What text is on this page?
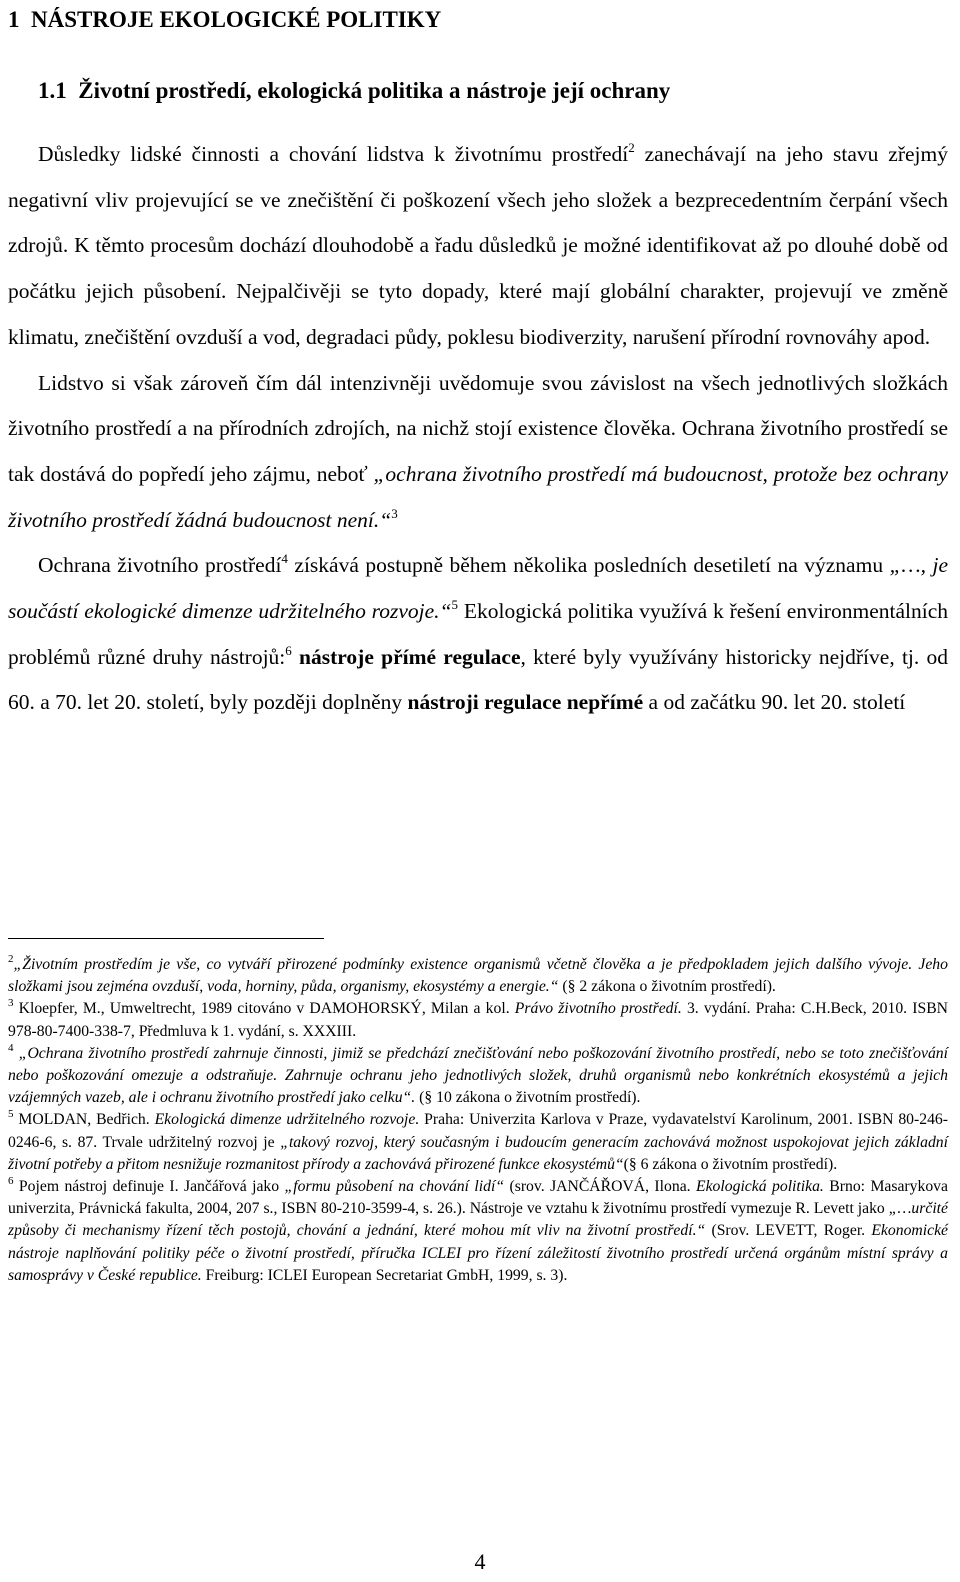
1  NÁSTROJE EKOLOGICKÉ POLITIKY
1.1  Životní prostředí, ekologická politika a nástroje její ochrany

Důsledky lidské činnosti a chování lidstva k životnímu prostředí$^2$ zanechávají na jeho stavu zřejmý negativní vliv projevující se ve znečištění či poškození všech jeho složek a bezprecedentním čerpání všech zdrojů. K těmto procesům dochází dlouhodobě a řadu důsledků je možné identifikovat až po dlouhé době od počátku jejich působení. Nejpalčivěji se tyto dopady, které mají globální charakter, projevují ve změně klimatu, znečištění ovzduší a vod, degradaci půdy, poklesu biodiverzity, narušení přírodní rovnováhy apod.

Lidstvo si však zároveň čím dál intenzivněji uvědomuje svou závislost na všech jednotlivých složkách životního prostředí a na přírodních zdrojích, na nichž stojí existence člověka. Ochrana životního prostředí se tak dostává do popředí jeho zájmu, neboť „ochrana životního prostředí má budoucnost, protože bez ochrany životního prostředí žádná budoucnost není.“$^3$

Ochrana životního prostředí$^4$ získává postupně během několika posledních desetiletí na významu „…, je součástí ekologické dimenze udržitelného rozvoje.“$^5$ Ekologická politika využívá k řešení environmentálních problémů různé druhy nástrojů:$^6$ nástroje přímé regulace, které byly využívány historicky nejdříve, tj. od 60. a 70. let 20. století, byly později doplněny nástroji regulace nepřímé a od začátku 90. let 20. století

$^2$„Životním prostředím je vše, co vytváří přirozené podmínky existence organismů včetně člověka a je předpokladem jejich dalšího vývoje. Jeho složkami jsou zejména ovzduší, voda, horniny, půda, organismy, ekosystémy a energie.“ (§ 2 zákona o životním prostředí).

$^3$ Kloepfer, M., Umweltrecht, 1989 citováno v DAMOHORSKÝ, Milan a kol. Právo životního prostředí. 3. vydání. Praha: C.H.Beck, 2010. ISBN 978-80-7400-338-7, Předmluva k 1. vydání, s. XXXIII.

$^4$ „Ochrana životního prostředí zahrnuje činnosti, jimiž se předchází znečišťování nebo poškozování životního prostředí, nebo se toto znečišťování nebo poškozování omezuje a odstraňuje. Zahrnuje ochranu jeho jednotlivých složek, druhů organismů nebo konkrétních ekosystémů a jejich vzájemných vazeb, ale i ochranu životního prostředí jako celku“. (§ 10 zákona o životním prostředí).

$^5$ MOLDAN, Bedřich. Ekologická dimenze udržitelného rozvoje. Praha: Univerzita Karlova v Praze, vydavatelství Karolinum, 2001. ISBN 80-246-0246-6, s. 87. Trvale udržitelný rozvoj je „takový rozvoj, který současným i budoucím generacím zachovává možnost uspokojovat jejich základní životní potřeby a přitom nesnižuje rozmanitost přírody a zachovává přirozené funkce ekosystémů“(§ 6 zákona o životním prostředí).

$^6$ Pojem nástroj definuje I. Jančářová jako „formu působení na chování lidí“ (srov. JANČÁŘOVÁ, Ilona. Ekologická politika. Brno: Masarykova univerzita, Právnická fakulta, 2004, 207 s., ISBN 80-210-3599-4, s. 26.). Nástroje ve vztahu k životnímu prostředí vymezuje R. Levett jako „…určité způsoby či mechanismy řízení těch postojů, chování a jednání, které mohou mít vliv na životní prostředí.“ (Srov. LEVETT, Roger. Ekonomické nástroje naplňování politiky péče o životní prostředí, příručka ICLEI pro řízení záležitostí životního prostředí určená orgánům místní správy a samosprávy v České republice. Freiburg: ICLEI European Secretariat GmbH, 1999, s. 3).

4
